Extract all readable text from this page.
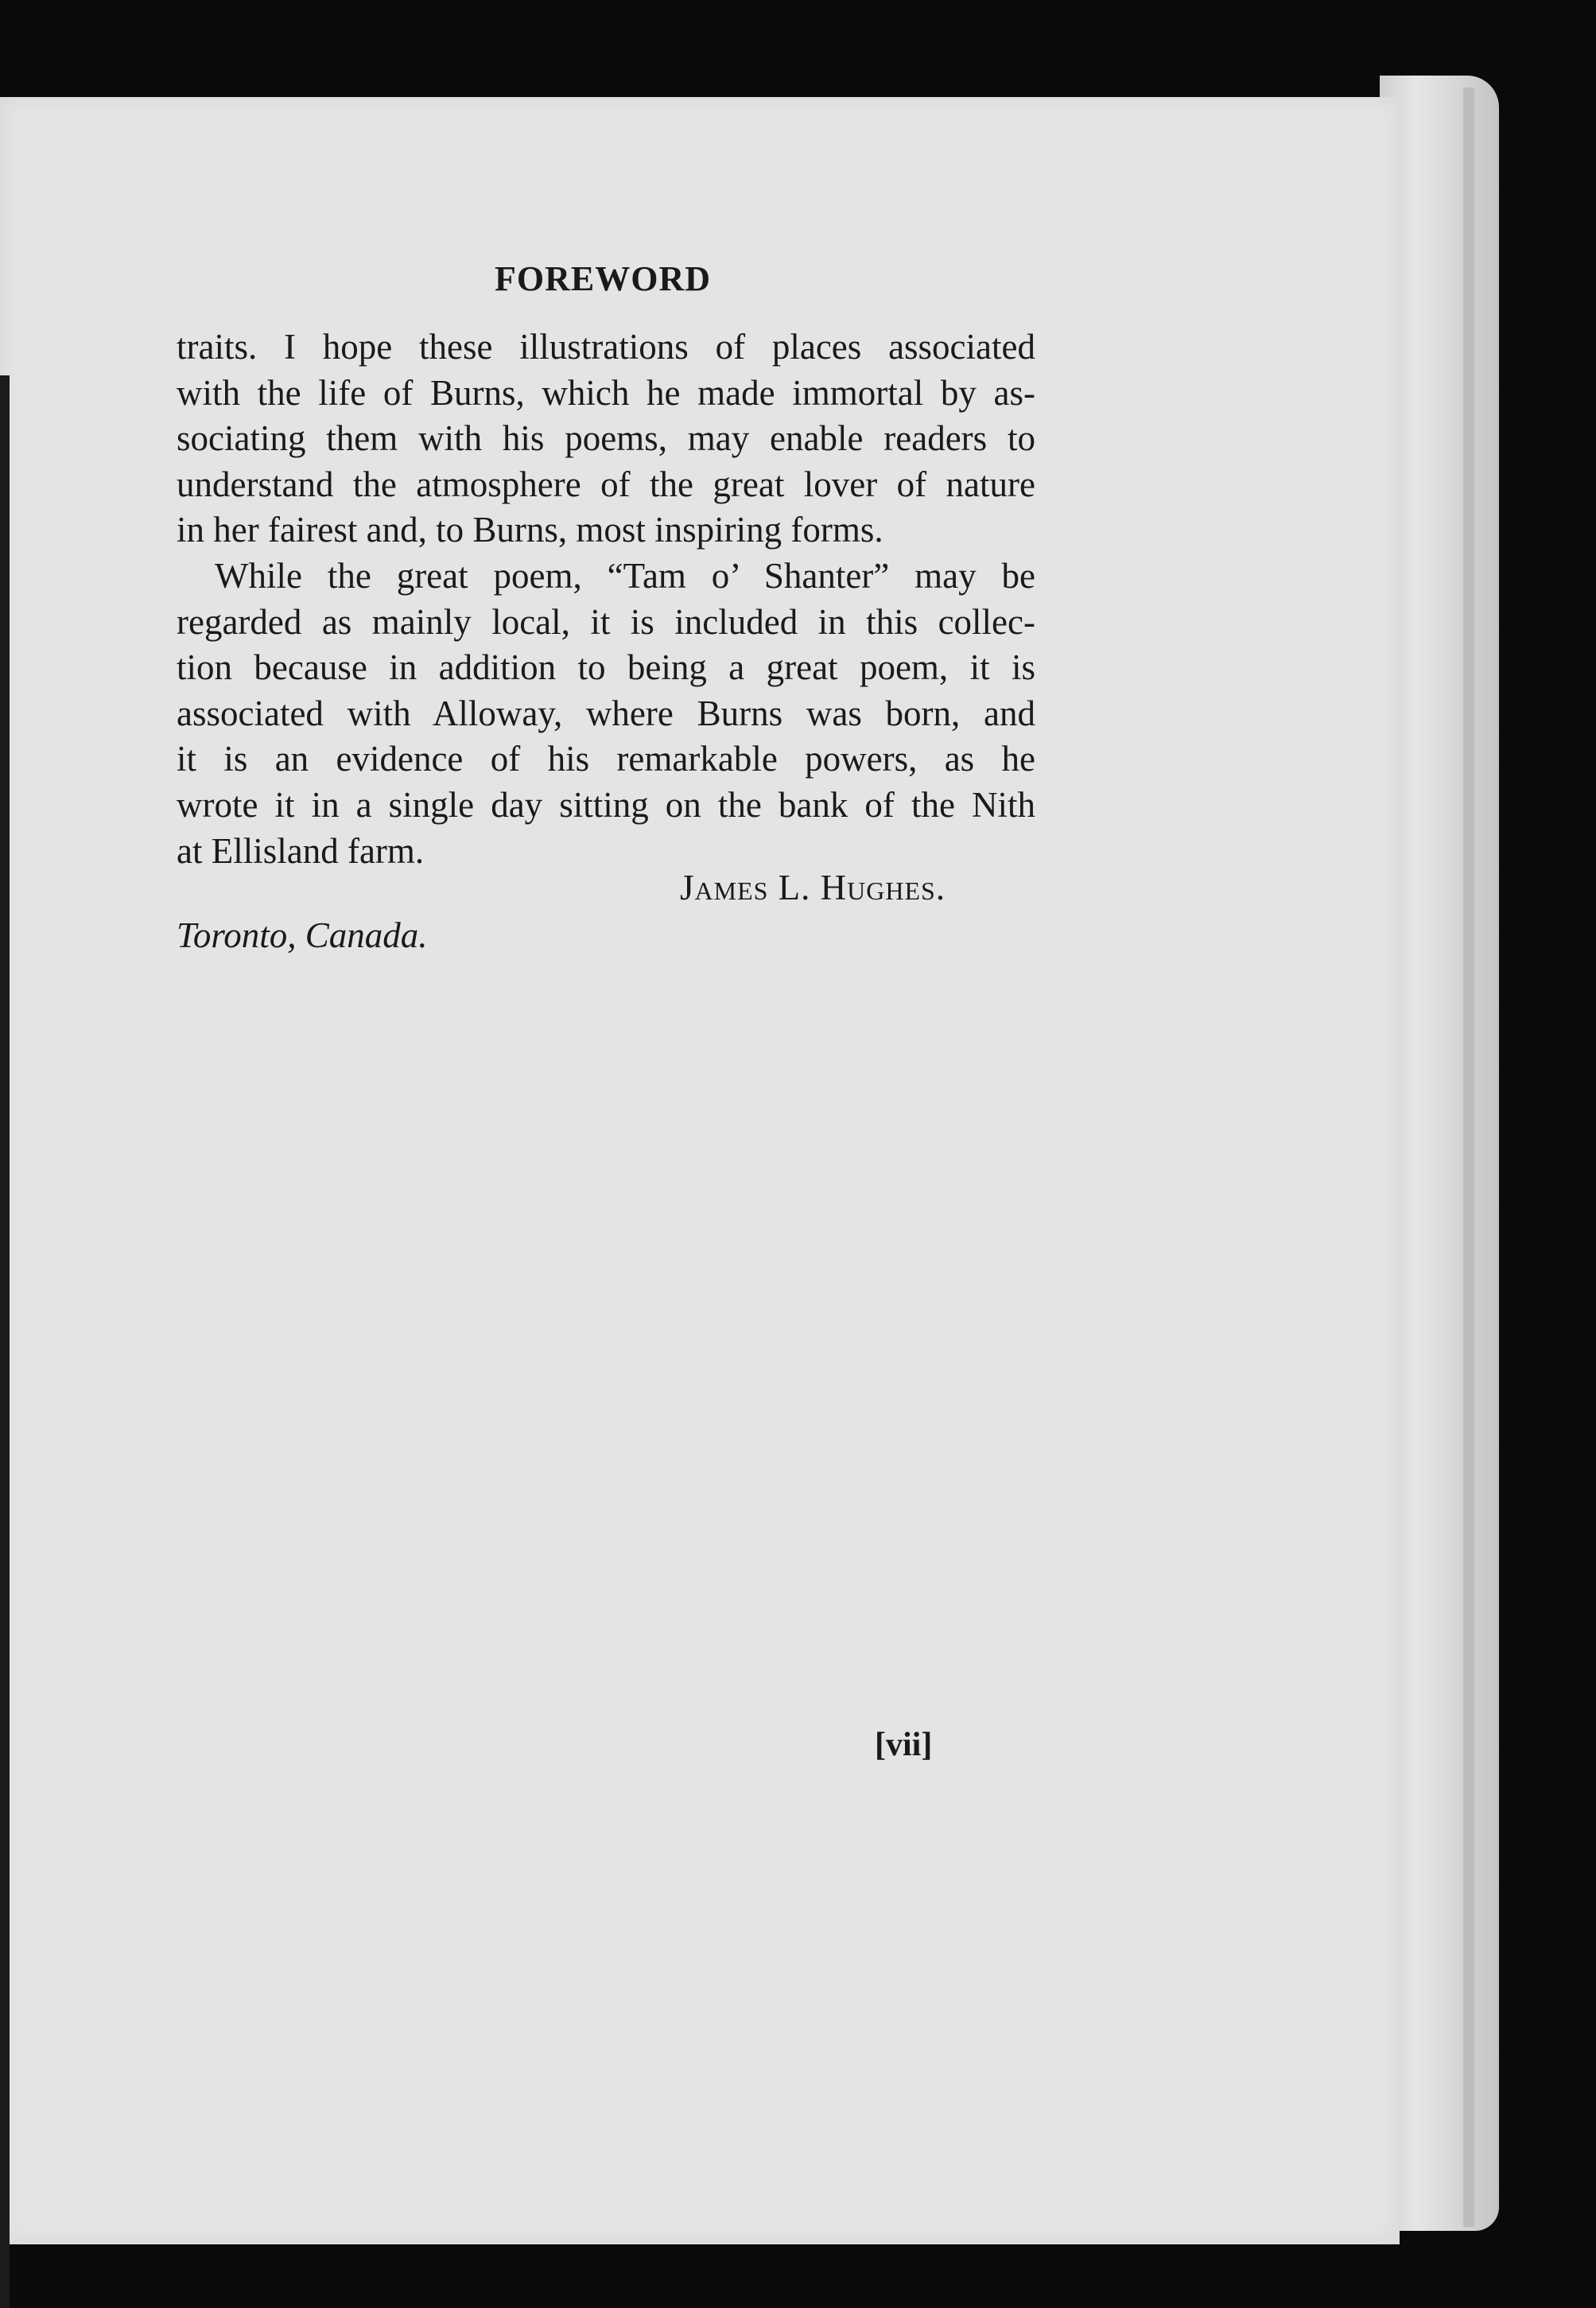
FOREWORD

traits. I hope these illustrations of places associated
with the life of Burns, which he made immortal by as-
sociating them with his poems, may enable readers to
understand the atmosphere of the great lover of nature
in her fairest and, to Burns, most inspiring forms.

While the great poem, “Tam o’ Shanter” may be
regarded as mainly local, it is included in this collec-
tion because in addition to being a great poem, it is
associated with Alloway, where Burns was born, and
it is an evidence of his remarkable powers, as he
wrote it in a single day sitting on the bank of the Nith
at Ellisland farm.

James L. Hughes.
Toronto, Canada.
[vii]
